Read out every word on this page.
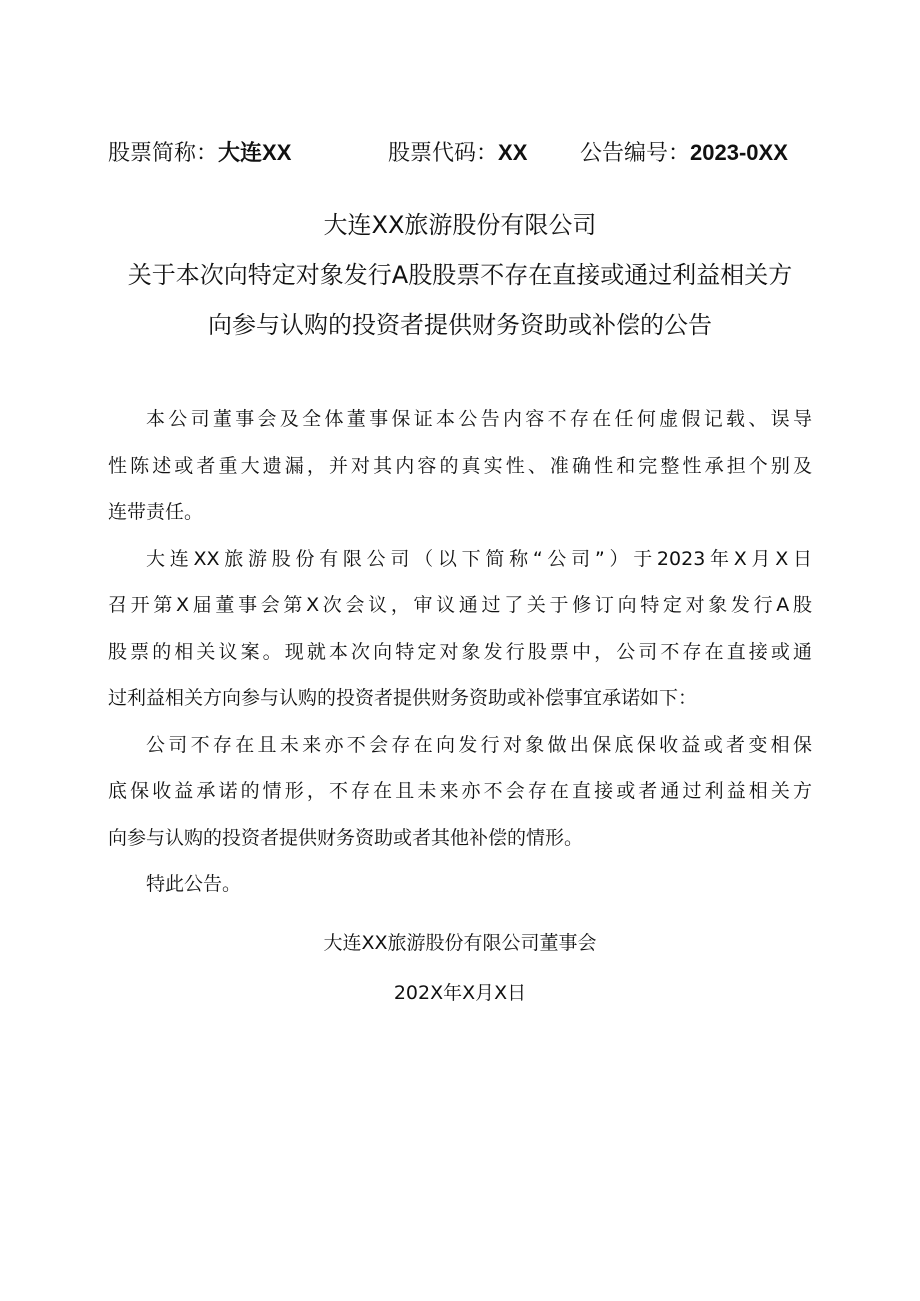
股票简称：大连XX	股票代码：XX 公告编号：2023-0XX
大连XX旅游股份有限公司
关于本次向特定对象发行A股股票不存在直接或通过利益相关方
向参与认购的投资者提供财务资助或补偿的公告
本公司董事会及全体董事保证本公告内容不存在任何虚假记载、误导
性陈述或者重大遗漏，并对其内容的真实性、准确性和完整性承担个别及
连带责任。
大连XX旅游股份有限公司（以下简称“公司”）于2023年X月X日
召开第X届董事会第X次会议，审议通过了关于修订向特定对象发行A股
股票的相关议案。现就本次向特定对象发行股票中，公司不存在直接或通
过利益相关方向参与认购的投资者提供财务资助或补偿事宜承诺如下：
公司不存在且未来亦不会存在向发行对象做出保底保收益或者变相保
底保收益承诺的情形，不存在且未来亦不会存在直接或者通过利益相关方
向参与认购的投资者提供财务资助或者其他补偿的情形。
特此公告。
大连XX旅游股份有限公司董事会
202X年X月X日
